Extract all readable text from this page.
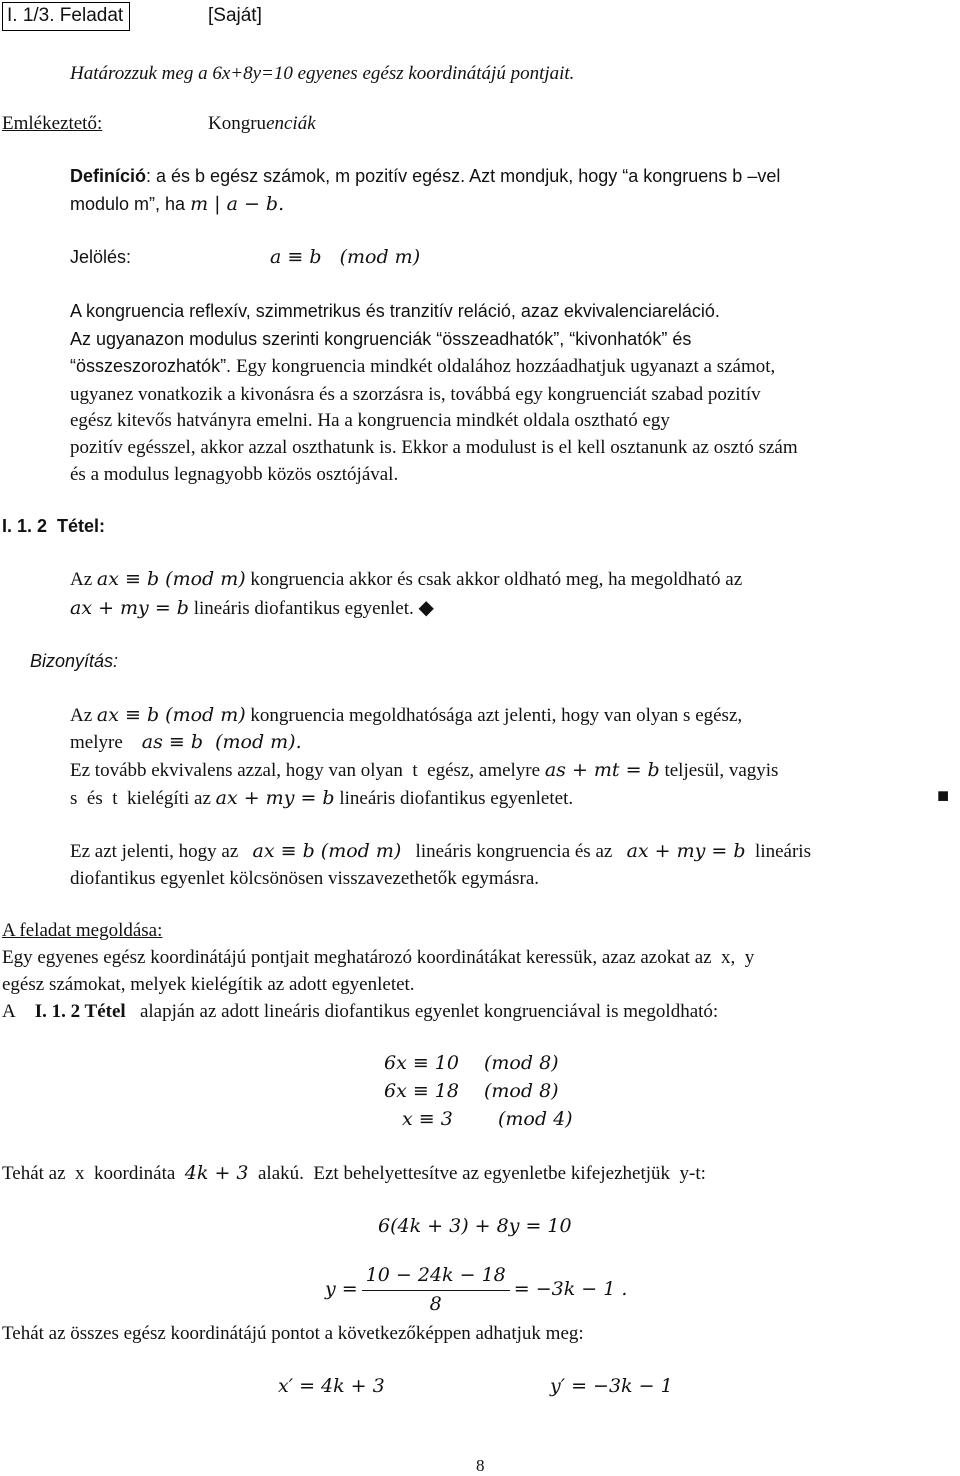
I. 1/3. Feladat	[Saját]
Határozzuk meg a 6x+8y=10 egyenes egész koordinátájú pontjait.
Emlékeztető:	Kongruenciák
Definíció: a és b egész számok, m pozitív egész. Azt mondjuk, hogy “a kongruens b –vel
modulo m”, ha m | a − b.
Jelölés:	a ≡ b   (mod m)
A kongruencia reflexív, szimmetrikus és tranzitív reláció, azaz ekvivalenciareláció.
Az ugyanazon modulus szerinti kongruenciák “összeadhatók”, “kivonhatók” és
“összeszorozhatók”. Egy kongruencia mindkét oldalához hozzáadhatjuk ugyanazt a számot,
ugyanez vonatkozik a kivonásra és a szorzásra is, továbbá egy kongruenciát szabad pozitív
egész kitevős hatványra emelni. Ha a kongruencia mindkét oldala osztható egy
pozitív egésszel, akkor azzal oszthatunk is. Ekkor a modulust is el kell osztanunk az osztó szám
és a modulus legnagyobb közös osztójával.
I. 1. 2  Tétel:
Az ax ≡ b (mod m) kongruencia akkor és csak akkor oldható meg, ha megoldható az
ax + my = b lineáris diofantikus egyenlet. ◆
Bizonyítás:
Az ax ≡ b (mod m) kongruencia megoldhatósága azt jelenti, hogy van olyan s egész,
melyre as ≡ b  (mod m).
Ez tovább ekvivalens azzal, hogy van olyan  t  egész, amelyre as + mt = b teljesül, vagyis
s  és  t  kielégíti az ax + my = b lineáris diofantikus egyenletet.	■
Ez azt jelenti, hogy az ax ≡ b (mod m) lineáris kongruencia és az ax + my = b lineáris
diofantikus egyenlet kölcsönösen visszavezethetők egymásra.
A feladat megoldása:
Egy egyenes egész koordinátájú pontjait meghatározó koordinátákat keressük, azaz azokat az  x,  y
egész számokat, melyek kielégítik az adott egyenletet.
A I. 1. 2 Tétel alapján az adott lineáris diofantikus egyenlet kongruenciával is megoldható:
6x ≡ 10 (mod 8)
6x ≡ 18 (mod 8)
x ≡ 3 (mod 4)
Tehát az  x  koordináta 4k + 3 alakú.  Ezt behelyettesítve az egyenletbe kifejezhetjük  y-t:
6(4k + 3) + 8y = 10
$y = \frac{10 - 24k - 18}{8} = -3k - 1$ .
Tehát az összes egész koordinátájú pontot a következőképpen adhatjuk meg:
x′ = 4k + 3	y′ = −3k − 1
8
